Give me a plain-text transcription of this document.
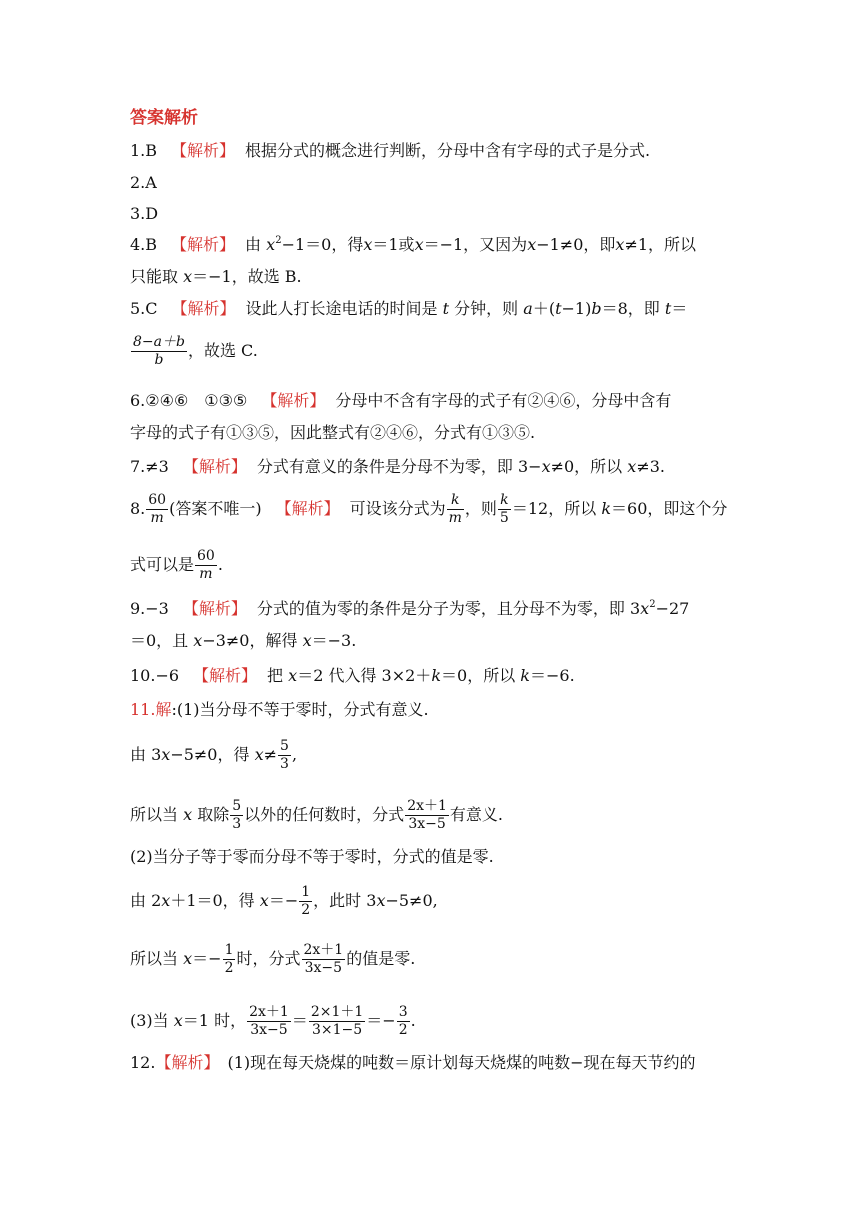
答案解析
1.B 【解析】 根据分式的概念进行判断，分母中含有字母的式子是分式.
2.A
3.D
4.B 【解析】 由 $x^2-1=0$，得x＝1或x＝−1，又因为x−1≠0，即x≠1，所以
只能取 x＝−1，故选 B.
5.C 【解析】 设此人打长途电话的时间是 t 分钟，则 a＋(t−1)b＝8，即 t＝
$\frac{8-a+b}{b}$ ，故选 C.
6.②④⑥　①③⑤ 【解析】 分母中不含有字母的式子有②④⑥，分母中含有
字母的式子有①③⑤，因此整式有②④⑥，分式有①③⑤.
7.≠3 【解析】 分式有意义的条件是分母不为零，即 3−x≠0，所以 x≠3.
8. $\frac{60}{m}$ (答案不唯一) 【解析】 可设该分式为 $\frac{k}{m}$ ，则 $\frac{k}{5} =12$，所以 k＝60，即这个分
式可以是 $\frac{60}{m}$ .
9.−3 【解析】 分式的值为零的条件是分子为零，且分母不为零，即 $3x^2-27$
＝0，且 x−3≠0，解得 x＝−3.
10.−6 【解析】 把 x＝2 代入得 3×2＋k＝0，所以 k＝−6.
11.解:(1)当分母不等于零时，分式有意义.
由 3x−5≠0，得 $x\ne \frac{5}{3}$ ,
所以当 x 取除 $\frac{5}{3}$ 以外的任何数时，分式 $\frac{2x+1}{3x-5}$ 有意义.
(2)当分子等于零而分母不等于零时，分式的值是零.
由 2x＋1＝0，得 $x=- \frac{1}{2}$ ，此时 3x−5≠0,
所以当 $x=- \frac{1}{2}$ 时，分式 $\frac{2x+1}{3x-5}$ 的值是零.
(3)当 x＝1 时， $\frac{2x+1}{3x-5} = \frac{2\times 1+1}{3\times 1-5} =- \frac{3}{2}$ .
12.【解析】 (1)现在每天烧煤的吨数＝原计划每天烧煤的吨数−现在每天节约的
